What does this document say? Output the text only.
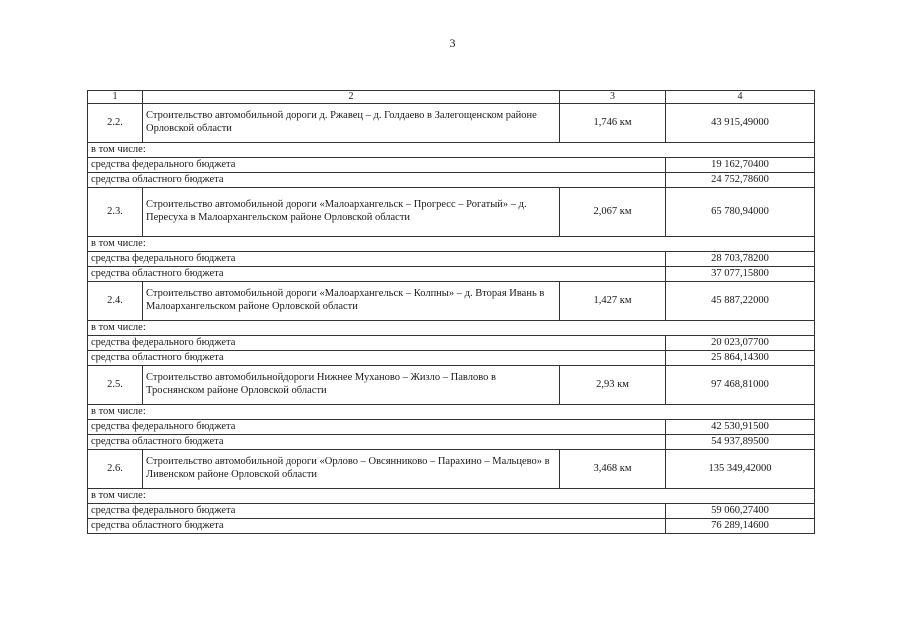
3
1	2	3	4
2.2.	Строительство автомобильной дороги д. Ржавец – д. Голдаево в Залегощенском районе Орловской области	1,746 км	43 915,49000
в том числе:			
средства федерального бюджета			19 162,70400
средства областного бюджета			24 752,78600
2.3.	Строительство автомобильной дороги «Малоархангельск – Прогресс – Рогатый» – д. Пересуха в Малоархангельском районе Орловской области	2,067 км	65 780,94000
в том числе:			
средства федерального бюджета			28 703,78200
средства областного бюджета			37 077,15800
2.4.	Строительство автомобильной дороги «Малоархангельск – Колпны» – д. Вторая Ивань в Малоархангельском районе Орловской области	1,427 км	45 887,22000
в том числе:			
средства федерального бюджета			20 023,07700
средства областного бюджета			25 864,14300
2.5.	Строительство автомобильнойдороги Нижнее Муханово – Жизло – Павлово в Троснянском районе Орловской области	2,93 км	97 468,81000
в том числе:			
средства федерального бюджета			42 530,91500
средства областного бюджета			54 937,89500
2.6.	Строительство автомобильной дороги «Орлово – Овсянниково – Парахино – Мальцево» в Ливенском районе Орловской области	3,468 км	135 349,42000
в том числе:			
средства федерального бюджета			59 060,27400
средства областного бюджета			76 289,14600
